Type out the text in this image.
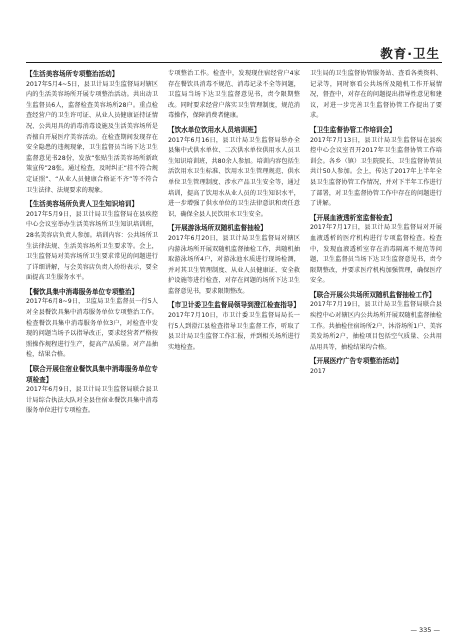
教育·卫生
【生活美容场所专项整治活动】

2017年5月4~5日，县卫计局卫生监督局对辖区内的生活美容场所开展专项整治活动。共出动卫生监督员6人，监督检查美容场所28户。重点检查经营户的卫生许可证、从业人员健康证持证情况、公共用具的消毒消毒设施及生活美容场所是否擅自开展医疗美容活动。在检查期间发现存在安全隐患的违规现象，卫生监督员当场下达卫生监督意见书28份，发放“张贴生活美容场所新政策宣传”28张。通过检查，及时纠正“挂不符合规定证照”、“从业人员健康合格证不齐”等不符合卫生法律、法规要求的现象。

【生活美容场所负责人卫生知识培训】

2017年5月9日，县卫计局卫生监督局在县疾控中心会议室举办生活美容场所卫生知识培训班，28名美容店负责人参加。培训内容：公共场所卫生法律法规、生活美容场所卫生要求等。会上，卫生监督局对美容场所卫生要求常见的问题进行了详细讲解，与会美容店负责人纷纷表示，要全面提高卫生服务水平。

【餐饮具集中消毒服务单位专项整治】

2017年6月8~9日，卫监局卫生监督员一行5人对全县餐饮具集中消毒服务单位专项整治工作。检查餐饮具集中消毒服务单位3户，对检查中发现的问题当场予以指导改正，要求经营者严格按照操作规程进行生产，提高产品质量。对产品抽检，结果合格。

【联合开展住宿业餐饮具集中消毒服务单位专项检查】

2017年6月9日，县卫计局卫生监督局联合县卫计局综合执法大队对全县住宿业餐饮具集中消毒服务单位进行专项检查。

专项整治工作。检查中，发现现住宿经营户4家存在餐饮具消毒不规范、消毒记录不全等问题，卫监局当场下达卫生监督意见书，责令限期整改。同时要求经营户落实卫生管理制度，规范消毒操作，保障消费者健康。

【饮水单位饮用水人员培训班】

2017年6月16日，县卫计局卫生监督局举办全县集中式供水单位、二次供水单位供用水人员卫生知识培训班，共80余人参加。培训内容包括生活饮用水卫生标准、饮用水卫生管理规范、供水单位卫生管理制度、涉水产品卫生安全等，通过培训，提高了饮用水从业人员的卫生知识水平，进一步增强了供水单位的卫生法律意识和责任意识，确保全县人民饮用水卫生安全。

【开展游泳场所双随机监督抽检】

2017年6月20日，县卫计局卫生监督局对辖区内游泳场所开展双随机监督抽检工作，共随机抽取游泳场所4户，对游泳池水质进行现场检测，并对其卫生管理制度、从业人员健康证、安全救护设施等进行检查，对存在问题的场所下达卫生监督意见书，要求限期整改。

【市卫计委卫生监督局领导到澄江检查指导】

2017年7月10日，市卫计委卫生监督局局长一行5人到澄江县检查指导卫生监督工作，听取了县卫计局卫生监督工作汇报，并到相关场所进行实地检查。

卫生局的卫生监督协管服务站、查看各类资料、记录等，同时察看公共场所及随机工作开展情况，督查中，对存在的问题提出指导性意见和建议，对进一步完善卫生监督协管工作提出了要求。

【卫生监督协管工作培训会】

2017年7月13日，县卫计局卫生监督局在县疾控中心会议室召开2017年卫生监督协管工作培训会。各乡（镇）卫生院院长、卫生监督协管员共计50人参加。会上，传达了2017年上半年全县卫生监督协管工作情况，并对下半年工作进行了部署，对卫生监督协管工作中存在的问题进行了讲解。

【开展血液透析室监督检查】

2017年7月17日，县卫计局卫生监督局对开展血液透析的医疗机构进行专项监督检查。检查中，发现血液透析室存在消毒隔离不规范等问题，卫生监督员当场下达卫生监督意见书，责令限期整改，并要求医疗机构加强管理，确保医疗安全。

【联合开展公共场所双随机监督抽检工作】

2017年7月19日，县卫计局卫生监督局联合县疾控中心对辖区内公共场所开展双随机监督抽检工作。共抽检住宿场所2户、沐浴场所1户、美容美发场所2户，抽检项目包括空气质量、公共用品用具等，抽检结果均合格。

【开展医疗广告专项整治活动】

2017

— 335 —
